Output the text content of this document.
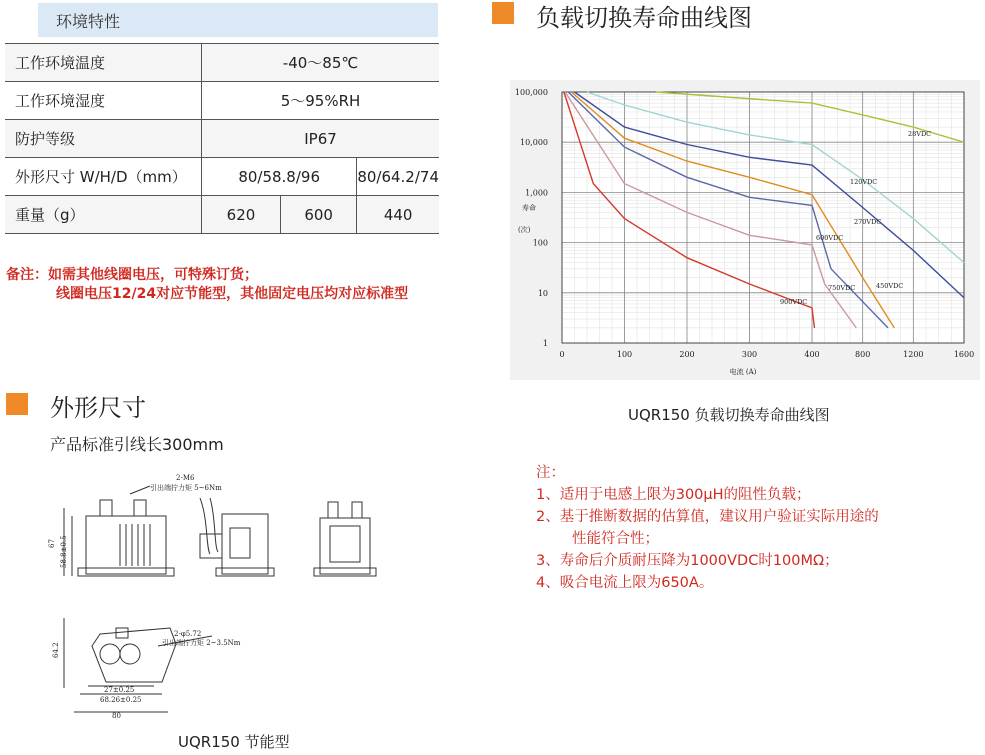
环境特性
工作环境温度	-40～85℃		
工作环境湿度	5～95%RH		
防护等级	IP67		
外形尺寸 W/H/D（mm）	80/58.8/96		80/64.2/74
重量（g）	620	600	440
备注：如需其他线圈电压，可特殊订货；
线圈电压12/24对应节能型，其他固定电压均对应标准型
负载切换寿命曲线图
0	100	200	300	400	800	1200	1600
100,000
10,000
1,000
100
10
1
电流 (A)
寿命
(次)
28VDC
120VDC
270VDC
450VDC
600VDC
750VDC
900VDC
UQR150 负载切换寿命曲线图
注：
1、适用于电感上限为300μH的阻性负载；
2、基于推断数据的估算值，建议用户验证实际用途的
性能符合性；
3、寿命后介质耐压降为1000VDC时100MΩ；
4、吸合电流上限为650A。
外形尺寸
产品标准引线长300mm
2-M6
引出端拧力矩 5~6Nm
67 58.8±0.5
2-φ5.72
引出端拧力矩 2~3.5Nm
64.2
27±0.25
68.26±0.25
80
UQR150 节能型
